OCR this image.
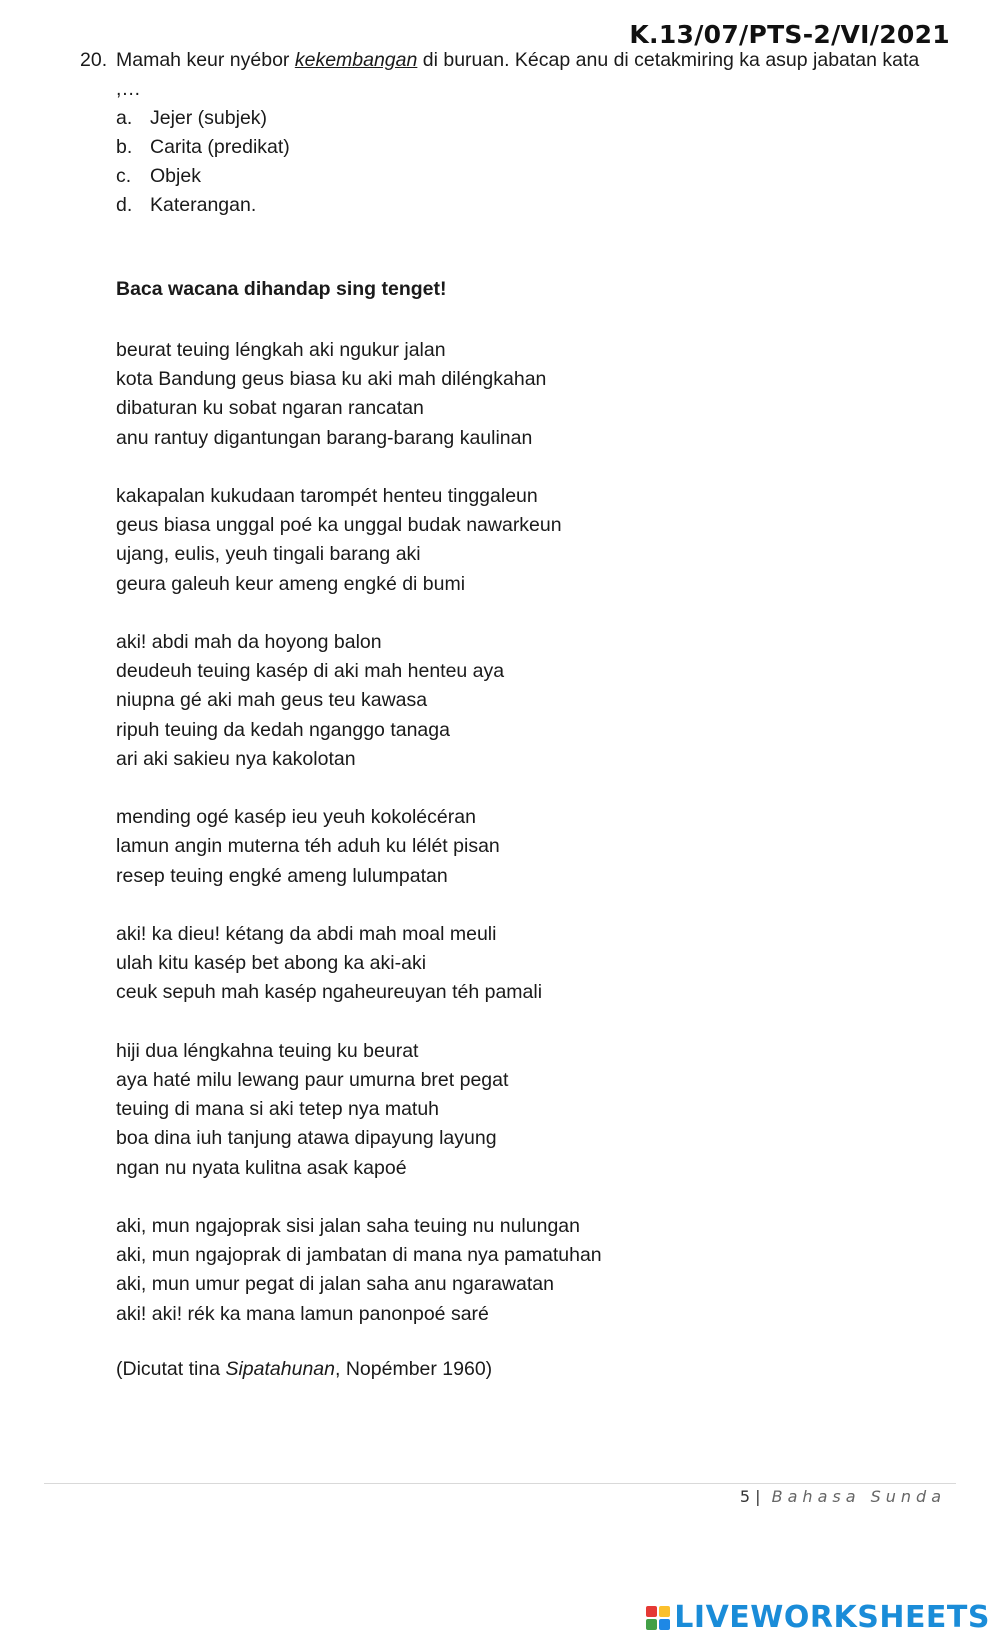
K.13/07/PTS-2/VI/2021
20. Mamah keur nyébor kekembangan di buruan. Kécap anu di cetakmiring ka asup jabatan kata
,…
a. Jejer (subjek)
b. Carita (predikat)
c. Objek
d. Katerangan.
Baca wacana dihandap sing tenget!
beurat teuing léngkah aki ngukur jalan
kota Bandung geus biasa ku aki mah diléngkahan
dibaturan ku sobat ngaran rancatan
anu rantuy digantungan barang-barang kaulinan
kakapalan kukudaan tarompét henteu tinggaleun
geus biasa unggal poé ka unggal budak nawarkeun
ujang, eulis, yeuh tingali barang aki
geura galeuh keur ameng engké di bumi
aki! abdi mah da hoyong balon
deudeuh teuing kasép di aki mah henteu aya
niupna gé aki mah geus teu kawasa
ripuh teuing da kedah nganggo tanaga
ari aki sakieu nya kakolotan
mending ogé kasép ieu yeuh kokolécéran
lamun angin muterna téh aduh ku lélét pisan
resep teuing engké ameng lulumpatan
aki! ka dieu! kétang da abdi mah moal meuli
ulah kitu kasép bet abong ka aki-aki
ceuk sepuh mah kasép ngaheureuyan téh pamali
hiji dua léngkahna teuing ku beurat
aya haté milu lewang paur umurna bret pegat
teuing di mana si aki tetep nya matuh
boa dina iuh tanjung atawa dipayung layung
ngan nu nyata kulitna asak kapoé
aki, mun ngajoprak sisi jalan saha teuing nu nulungan
aki, mun ngajoprak di jambatan di mana nya pamatuhan
aki, mun umur pegat di jalan saha anu ngarawatan
aki! aki! rék ka mana lamun panonpoé saré
(Dicutat tina Sipatahunan, Nopémber 1960)
5 | Bahasa Sunda
LIVEWORKSHEETS
